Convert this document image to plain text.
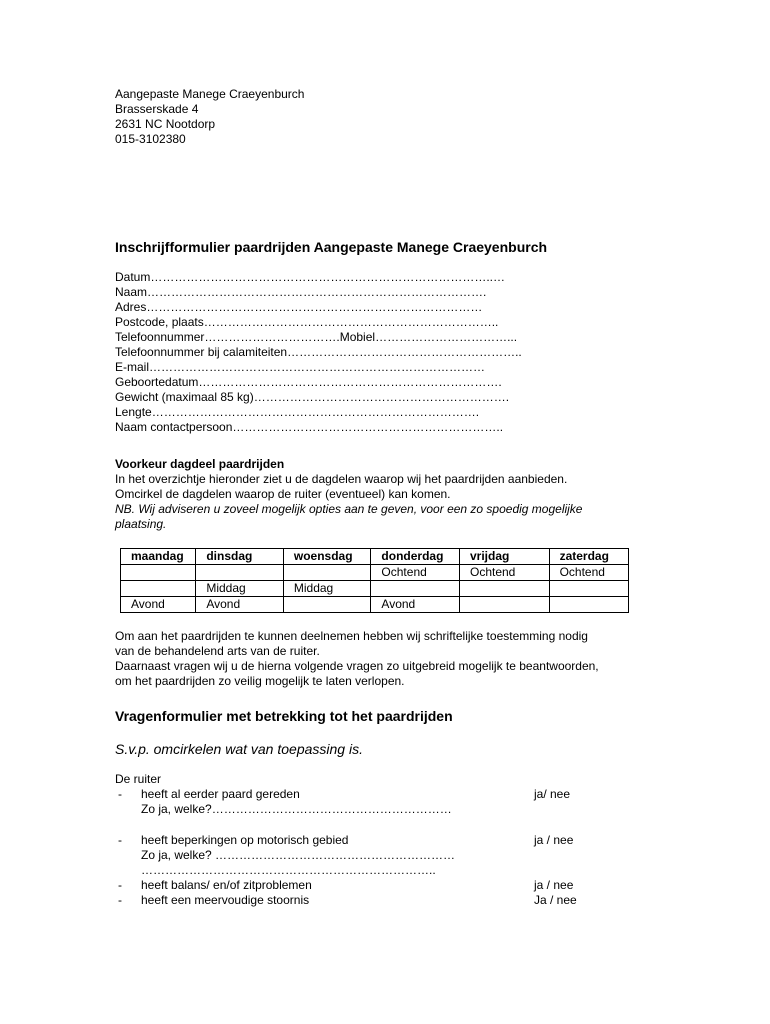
Aangepaste Manege Craeyenburch
Brasserskade 4
2631 NC Nootdorp
015-3102380
Inschrijfformulier paardrijden Aangepaste Manege Craeyenburch
Datum…………………………………………………………………………..…
Naam………………………………………………………………………….
Adres…………………………………………………………………………
Postcode, plaats………………………………………………………………..
Telefoonnummer…………………………….Mobiel……………………………...
Telefoonnummer bij calamiteiten…………………………………………………..
E-mail…………………………………………………………………………
Geboortedatum………………………………………………………………….
Gewicht (maximaal 85 kg)……………………………………………………….
Lengte……………………………………………………………………….
Naam contactpersoon…………………………………………………………..
Voorkeur dagdeel paardrijden
In het overzichtje hieronder ziet u de dagdelen waarop wij het paardrijden aanbieden.
Omcirkel de dagdelen waarop de ruiter (eventueel) kan komen.
NB. Wij adviseren u zoveel mogelijk opties aan te geven, voor een zo spoedig mogelijke
plaatsing.
maandag	dinsdag	woensdag	donderdag	vrijdag	zaterdag
			Ochtend	Ochtend	Ochtend
	Middag	Middag			
Avond	Avond		Avond		
Om aan het paardrijden te kunnen deelnemen hebben wij schriftelijke toestemming nodig
van de behandelend arts van de ruiter.
Daarnaast vragen wij u de hierna volgende vragen zo uitgebreid mogelijk te beantwoorden,
om het paardrijden zo veilig mogelijk te laten verlopen.
Vragenformulier met betrekking tot het paardrijden
S.v.p. omcirkelen wat van toepassing is.
De ruiter
- heeft al eerder paard gereden	ja/ nee
Zo ja, welke?……………………………………………………
- heeft beperkingen op motorisch gebied	ja / nee
Zo ja, welke? ……………………………………………………
………………………………………………………………..
- heeft balans/ en/of zitproblemen	ja / nee
- heeft een meervoudige stoornis	Ja / nee
